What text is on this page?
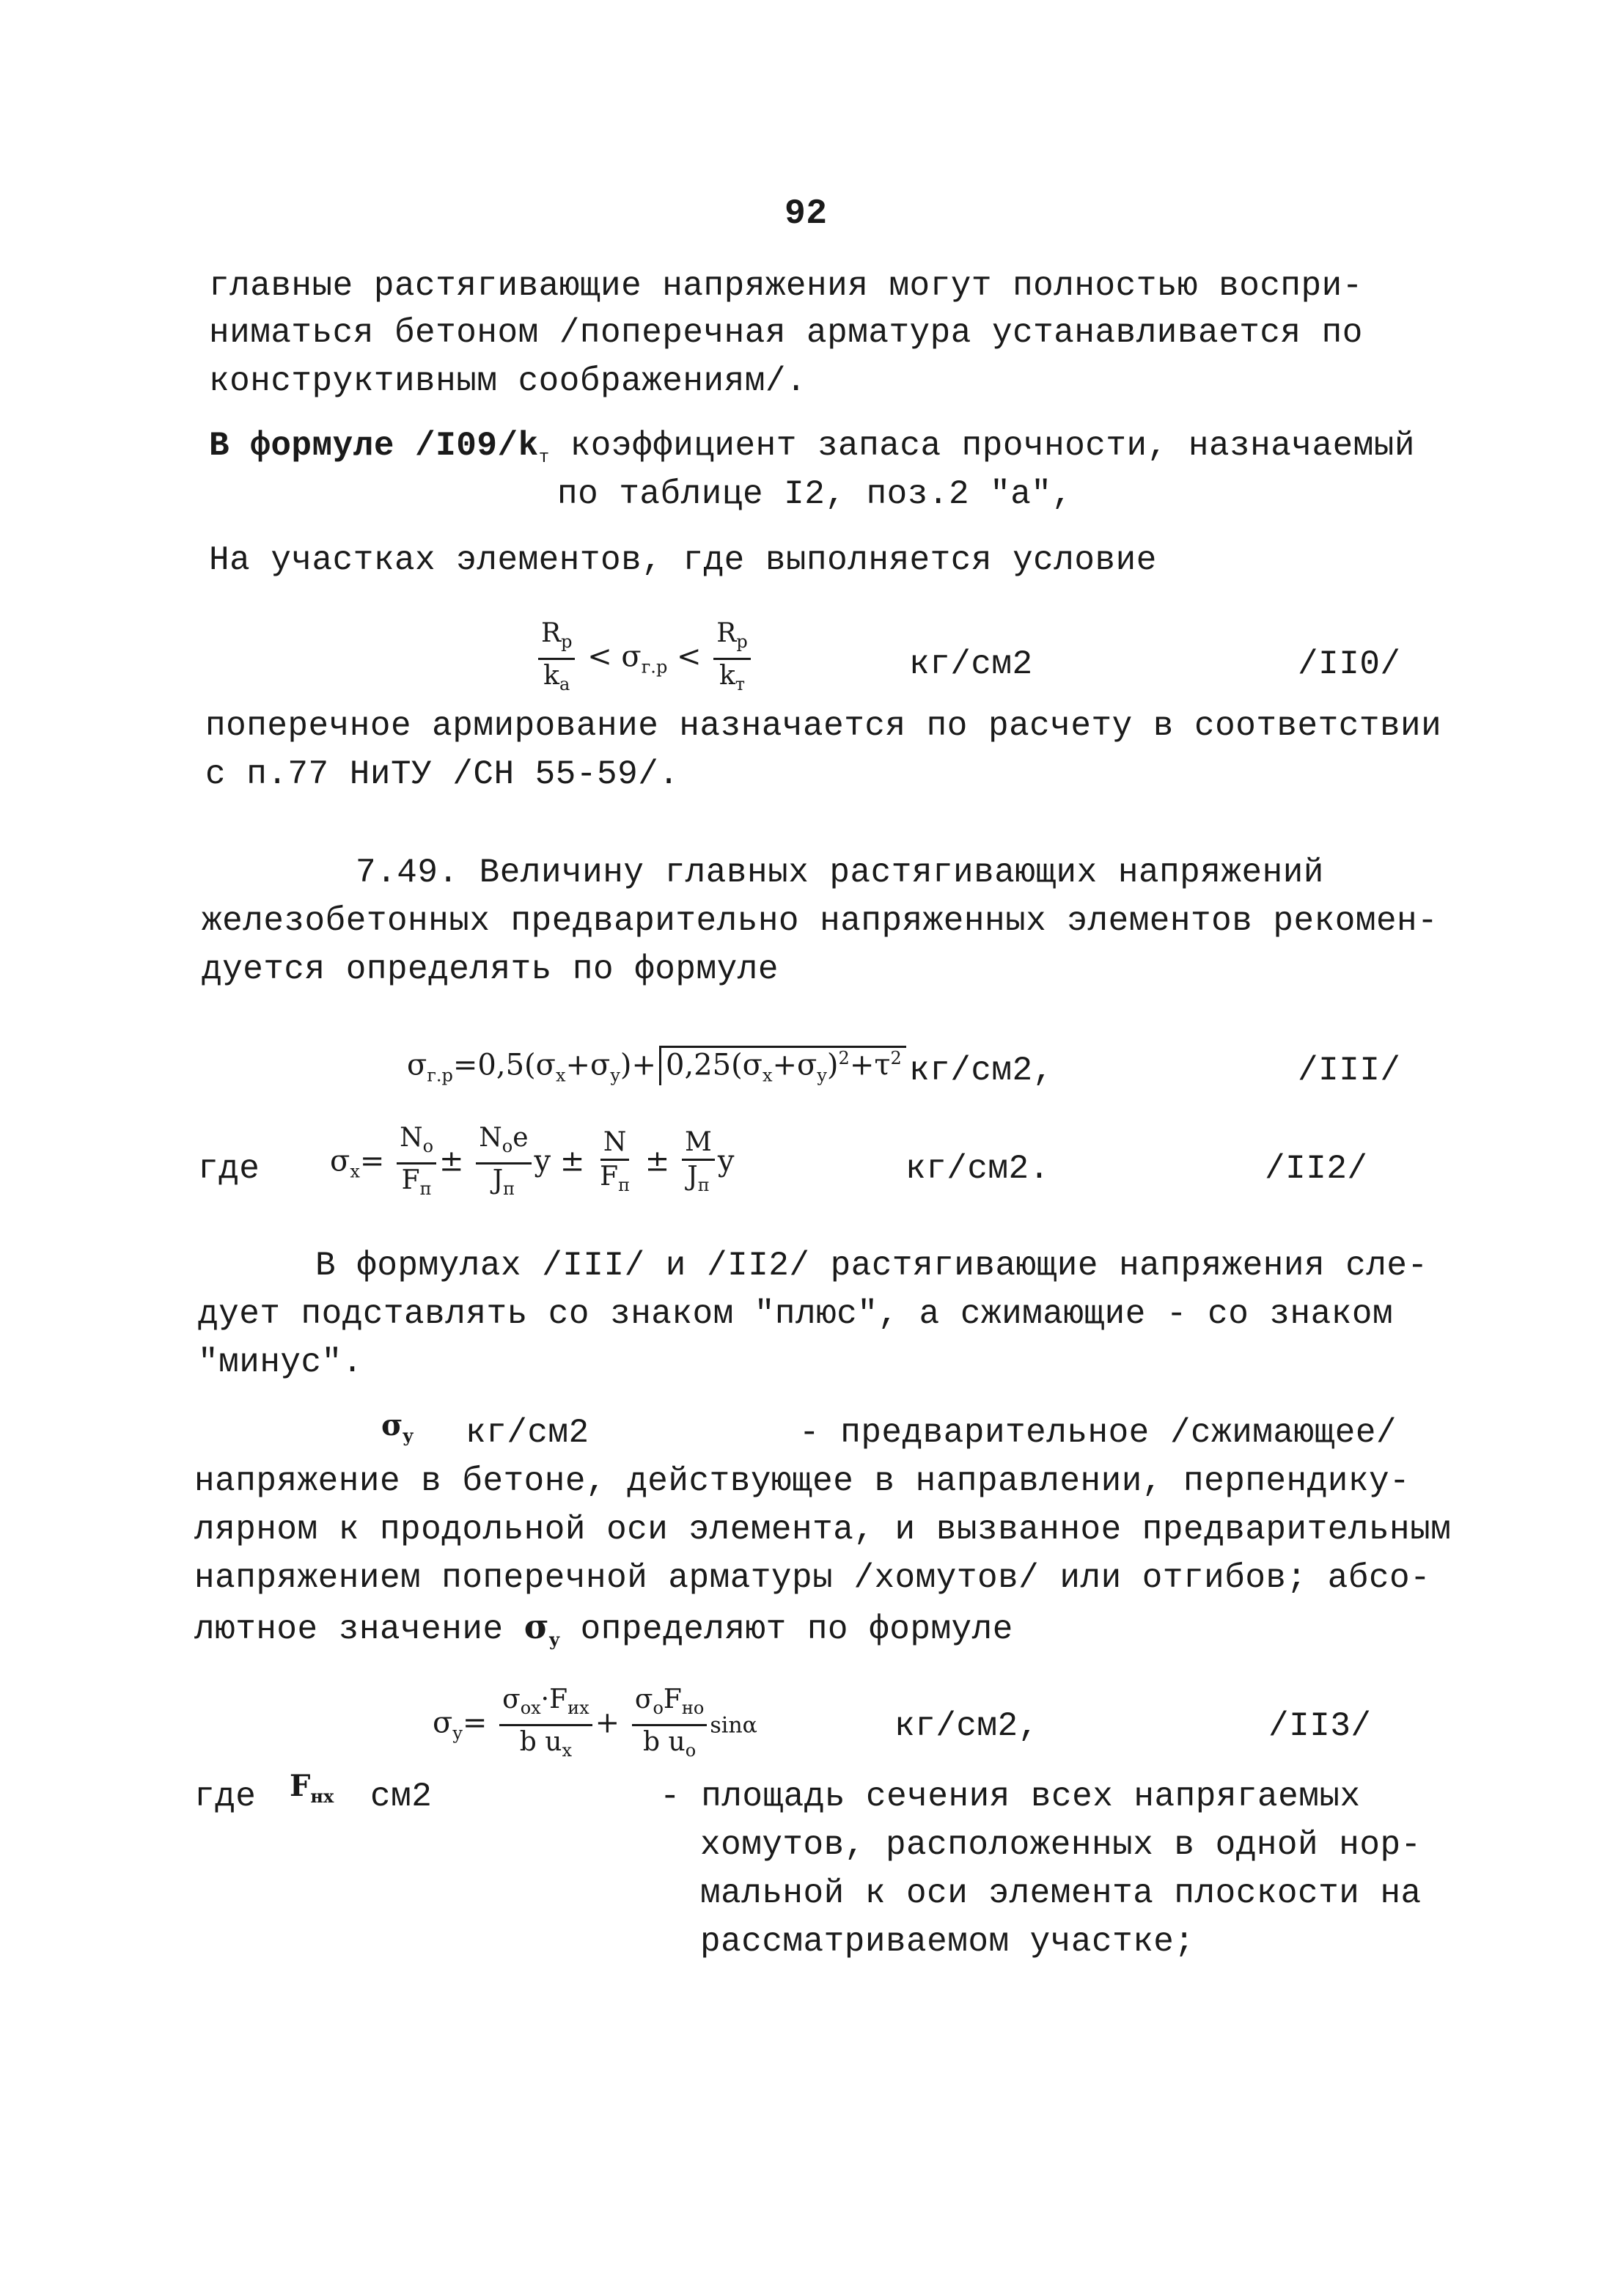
92
главные растягивающие напряжения могут полностью воспри-
ниматься бетоном /поперечная арматура устанавливается по
конструктивным соображениям/.
В формуле $/I09/k_т$ коэффициент запаса прочности, назначаемый
по таблице I2, поз.2 "а",
На участках элементов, где выполняется условие
$\frac{R_р}{k_a} < \sigma_{г.р} < \frac{R_р}{k_т}$	кг/см2	/II0/
поперечное армирование назначается по расчету в соответствии
с п.77 НиТУ /СН 55-59/.
7.49. Величину главных растягивающих напряжений
железобетонных предварительно напряженных элементов рекомен-
дуется определять по формуле
$\sigma_{г.р}=0,5(\sigma_x+\sigma_y)+ 0,25(\sigma_x+\sigma_y)^2+\tau^2$ кг/см2,	/III/
где $\sigma_x= \frac{N_o}{F_п} \pm \frac{N_oe}{J_п}$ $y \pm \frac{N}{F_п} \pm \frac{M}{J_п}$ y	кг/см2.	/II2/
В формулах /III/ и /II2/ растягивающие напряжения сле-
дует подставлять со знаком "плюс", а сжимающие - со знаком
"минус".
$\sigma_y$ кг/см2	- предварительное /сжимающее/
напряжение в бетоне, действующее в направлении, перпендику-
лярном к продольной оси элемента, и вызванное предварительным
напряжением поперечной арматуры /хомутов/ или отгибов; абсо-
лютное значение $\sigma_y$ определяют по формуле
$\sigma_y= \frac{\sigma_{ox}\cdot F_{их}}{b u_x} + \frac{\sigma_oF_{но}}{b u_o}$ sinα	кг/см2,	/II3/
где $F_{нх}$ см2	- площадь сечения всех напрягаемых
хомутов, расположенных в одной нор-
мальной к оси элемента плоскости на
рассматриваемом участке;
